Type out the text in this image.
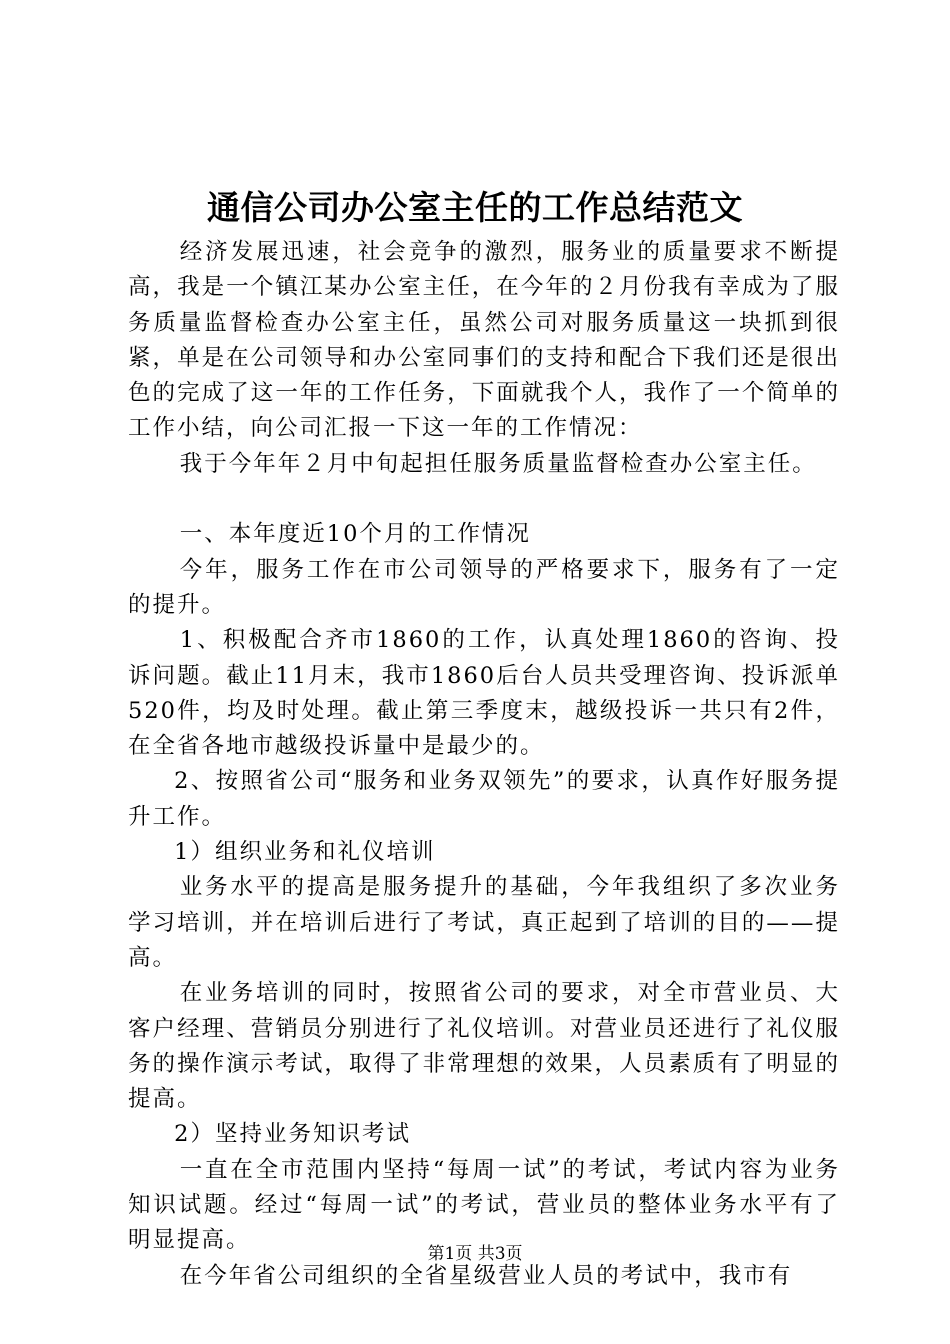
通信公司办公室主任的工作总结范文

经济发展迅速，社会竞争的激烈，服务业的质量要求不断提高，我是一个镇江某办公室主任，在今年的２月份我有幸成为了服务质量监督检查办公室主任，虽然公司对服务质量这一块抓到很紧，单是在公司领导和办公室同事们的支持和配合下我们还是很出色的完成了这一年的工作任务，下面就我个人，我作了一个简单的工作小结，向公司汇报一下这一年的工作情况：

我于今年年２月中旬起担任服务质量监督检查办公室主任。

一、本年度近10个月的工作情况

今年，服务工作在市公司领导的严格要求下，服务有了一定的提升。

1、积极配合齐市1860的工作，认真处理1860的咨询、投诉问题。截止11月末，我市1860后台人员共受理咨询、投诉派单520件，均及时处理。截止第三季度末，越级投诉一共只有2件，在全省各地市越级投诉量中是最少的。

2、按照省公司“服务和业务双领先”的要求，认真作好服务提升工作。

1）组织业务和礼仪培训

业务水平的提高是服务提升的基础，今年我组织了多次业务学习培训，并在培训后进行了考试，真正起到了培训的目的——提高。

在业务培训的同时，按照省公司的要求，对全市营业员、大客户经理、营销员分别进行了礼仪培训。对营业员还进行了礼仪服务的操作演示考试，取得了非常理想的效果，人员素质有了明显的提高。

2）坚持业务知识考试

一直在全市范围内坚持“每周一试”的考试，考试内容为业务知识试题。经过“每周一试”的考试，营业员的整体业务水平有了明显提高。

在今年省公司组织的全省星级营业人员的考试中，我市有

第1页 共3页
